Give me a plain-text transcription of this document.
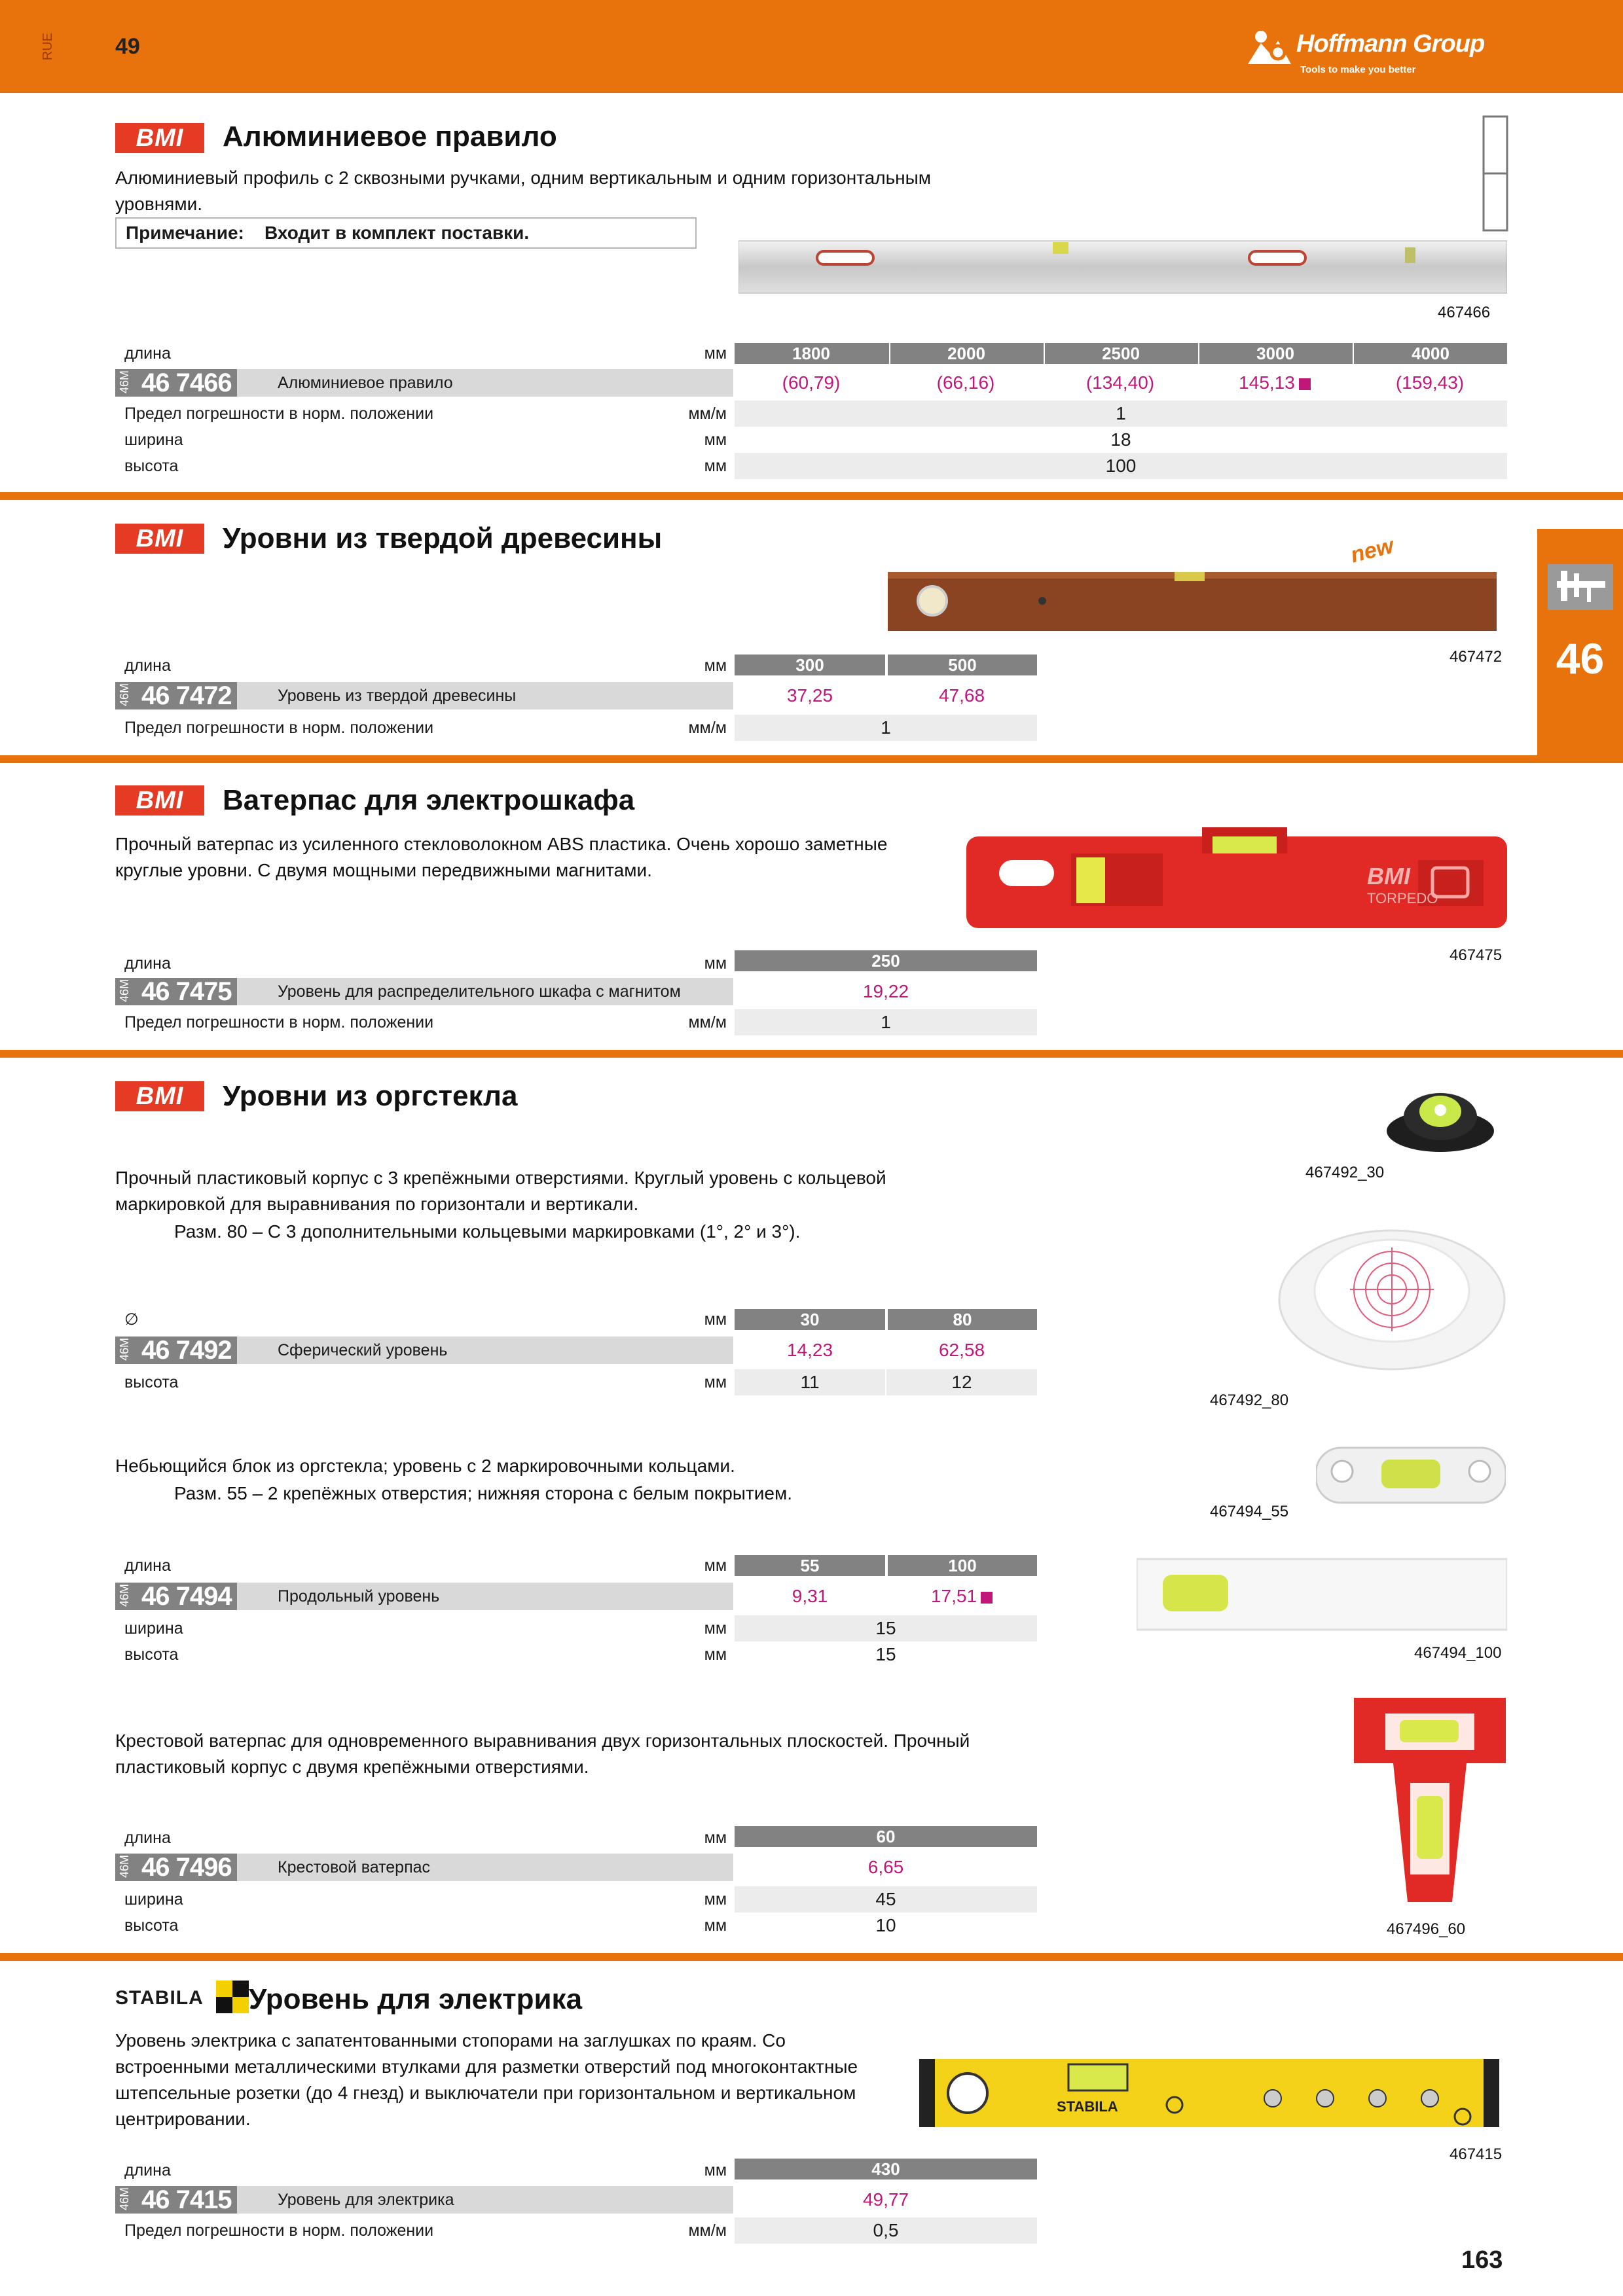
RUE	49	Hoffmann Group
Tools to make you better
46
BMI	Алюминиевое правило
Алюминиевый профиль с 2 сквозными ручками, одним вертикальным и одним горизонтальным
уровнями.
Примечание: Входит в комплект поставки.
467466
длина	мм	1800	2000	2500	3000	4000
46M 46 7466	Алюминиевое правило	(60,79)	(66,16)	(134,40)	145,13	(159,43)
Предел погрешности в норм. положении	мм/м	1
ширина	мм	18
высота	мм	100
BMI	Уровни из твердой древесины	new
467472
длина	мм	300	500
46M 46 7472	Уровень из твердой древесины	37,25	47,68
Предел погрешности в норм. положении	мм/м	1
BMI	Ватерпас для электрошкафа
Прочный ватерпас из усиленного стекловолокном ABS пластика. Очень хорошо заметные
круглые уровни. С двумя мощными передвижными магнитами.	BMI
TORPEDO
467475
длина	мм	250
46M 46 7475	Уровень для распределительного шкафа с магнитом	19,22
Предел погрешности в норм. положении	мм/м	1
BMI	Уровни из оргстекла
467492_30
Прочный пластиковый корпус с 3 крепёжными отверстиями. Круглый уровень с кольцевой
маркировкой для выравнивания по горизонтали и вертикали.
Разм. 80 – С 3 дополнительными кольцевыми маркировками (1°, 2° и 3°).
467492_80
∅	мм	30	80
46M 46 7492	Сферический уровень	14,23	62,58
высота	мм	11	12
Небьющийся блок из оргстекла; уровень с 2 маркировочными кольцами.
Разм. 55 – 2 крепёжных отверстия; нижняя сторона с белым покрытием.
467494_55
467494_100
длина	мм	55	100
46M 46 7494	Продольный уровень	9,31	17,51
ширина	мм	15
высота	мм	15
Крестовой ватерпас для одновременного выравнивания двух горизонтальных плоскостей. Прочный
пластиковый корпус с двумя крепёжными отверстиями.
467496_60
длина	мм	60
46M 46 7496	Крестовой ватерпас	6,65
ширина	мм	45
высота	мм	10
STABILA Уровень для электрика
Уровень электрика с запатентованными стопорами на заглушках по краям. Со
встроенными металлическими втулками для разметки отверстий под многоконтактные
штепсельные розетки (до 4 гнезд) и выключатели при горизонтальном и вертикальном
центрировании.
STABILA
467415
длина	мм	430
46M 46 7415	Уровень для электрика	49,77
Предел погрешности в норм. положении	мм/м	0,5
163
